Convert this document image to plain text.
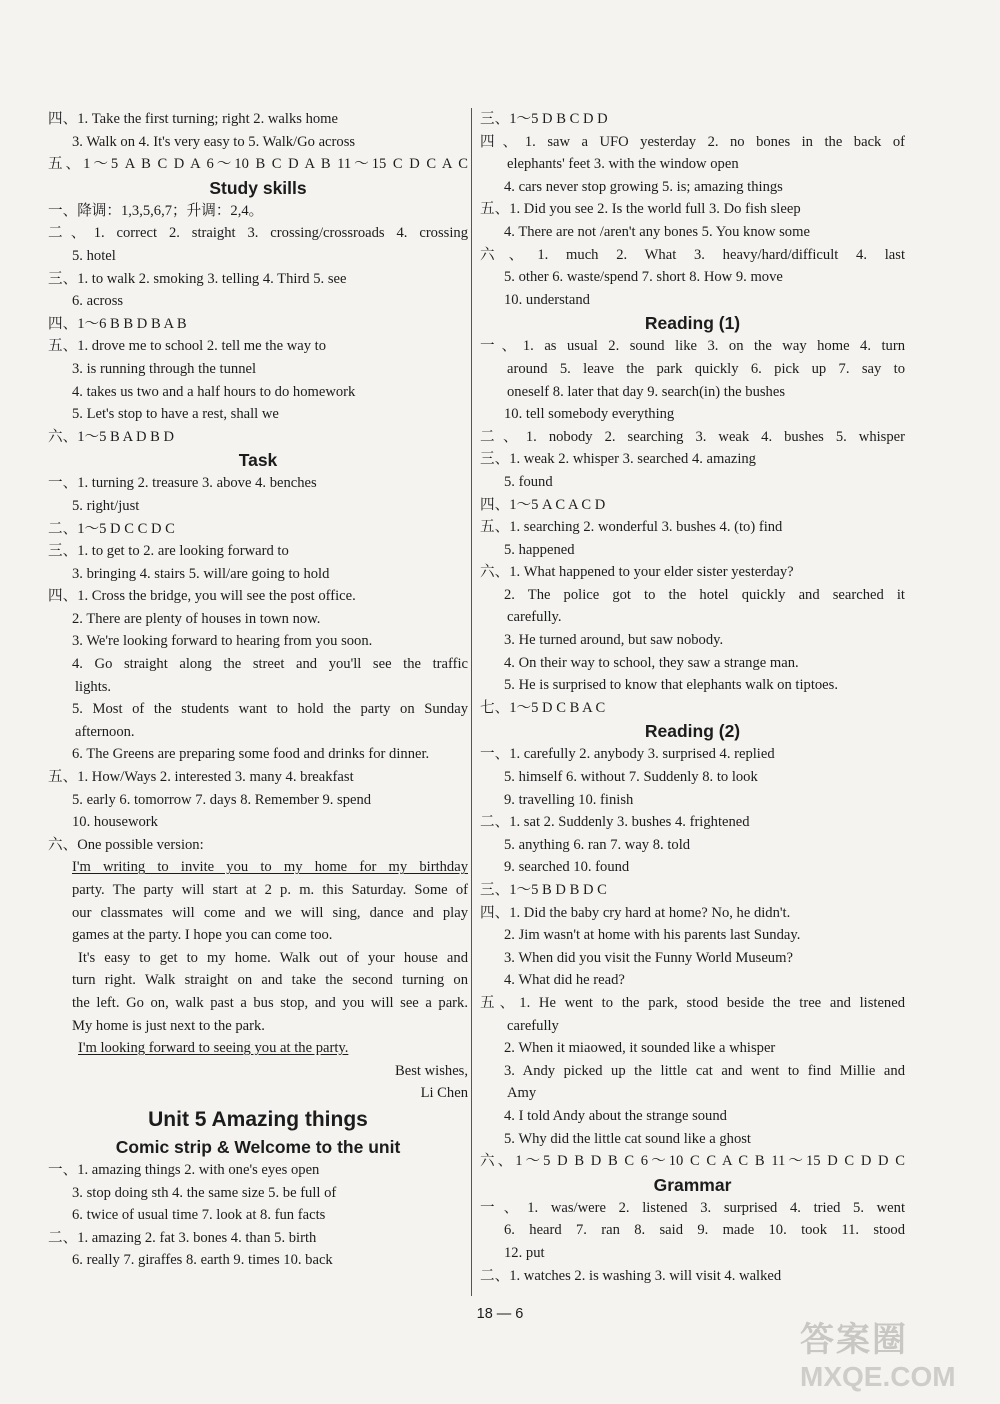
四、1. Take the first turning; right 2. walks home
3. Walk on 4. It's very easy to 5. Walk/Go across
五、1～5 A B C D A 6～10 B C D A B 11～15 C D C A C
Study skills
一、降调：1,3,5,6,7；升调：2,4。
二、1. correct 2. straight 3. crossing/crossroads 4. crossing
5. hotel
三、1. to walk 2. smoking 3. telling 4. Third 5. see
6. across
四、1～6 B B D B A B
五、1. drove me to school 2. tell me the way to
3. is running through the tunnel
4. takes us two and a half hours to do homework
5. Let's stop to have a rest, shall we
六、1～5 B A D B D
Task
一、1. turning 2. treasure 3. above 4. benches
5. right/just
二、1～5 D C C D C
三、1. to get to 2. are looking forward to
3. bringing 4. stairs 5. will/are going to hold
四、1. Cross the bridge, you will see the post office.
2. There are plenty of houses in town now.
3. We're looking forward to hearing from you soon.
4. Go straight along the street and you'll see the traffic
lights.
5. Most of the students want to hold the party on Sunday
afternoon.
6. The Greens are preparing some food and drinks for dinner.
五、1. How/Ways 2. interested 3. many 4. breakfast
5. early 6. tomorrow 7. days 8. Remember 9. spend
10. housework
六、One possible version:
I'm writing to invite you to my home for my birthday
party. The party will start at 2 p. m. this Saturday. Some of
our classmates will come and we will sing, dance and play
games at the party. I hope you can come too.
It's easy to get to my home. Walk out of your house and
turn right. Walk straight on and take the second turning on
the left. Go on, walk past a bus stop, and you will see a park.
My home is just next to the park.
I'm looking forward to seeing you at the party.
Best wishes,
Li Chen
Unit 5 Amazing things
Comic strip & Welcome to the unit
一、1. amazing things 2. with one's eyes open
3. stop doing sth 4. the same size 5. be full of
6. twice of usual time 7. look at 8. fun facts
二、1. amazing 2. fat 3. bones 4. than 5. birth
6. really 7. giraffes 8. earth 9. times 10. back
三、1～5 D B C D D
四、1. saw a UFO yesterday 2. no bones in the back of
elephants' feet 3. with the window open
4. cars never stop growing 5. is; amazing things
五、1. Did you see 2. Is the world full 3. Do fish sleep
4. There are not /aren't any bones 5. You know some
六、1. much 2. What 3. heavy/hard/difficult 4. last
5. other 6. waste/spend 7. short 8. How 9. move
10. understand
Reading (1)
一、1. as usual 2. sound like 3. on the way home 4. turn
around 5. leave the park quickly 6. pick up 7. say to
oneself 8. later that day 9. search(in) the bushes
10. tell somebody everything
二、1. nobody 2. searching 3. weak 4. bushes 5. whisper
三、1. weak 2. whisper 3. searched 4. amazing
5. found
四、1～5 A C A C D
五、1. searching 2. wonderful 3. bushes 4. (to) find
5. happened
六、1. What happened to your elder sister yesterday?
2. The police got to the hotel quickly and searched it
carefully.
3. He turned around, but saw nobody.
4. On their way to school, they saw a strange man.
5. He is surprised to know that elephants walk on tiptoes.
七、1～5 D C B A C
Reading (2)
一、1. carefully 2. anybody 3. surprised 4. replied
5. himself 6. without 7. Suddenly 8. to look
9. travelling 10. finish
二、1. sat 2. Suddenly 3. bushes 4. frightened
5. anything 6. ran 7. way 8. told
9. searched 10. found
三、1～5 B D B D C
四、1. Did the baby cry hard at home? No, he didn't.
2. Jim wasn't at home with his parents last Sunday.
3. When did you visit the Funny World Museum?
4. What did he read?
五、1. He went to the park, stood beside the tree and listened
carefully
2. When it miaowed, it sounded like a whisper
3. Andy picked up the little cat and went to find Millie and
Amy
4. I told Andy about the strange sound
5. Why did the little cat sound like a ghost
六、1～5 D B D B C 6～10 C C A C B 11～15 D C D D C
Grammar
一、1. was/were 2. listened 3. surprised 4. tried 5. went
6. heard 7. ran 8. said 9. made 10. took 11. stood
12. put
二、1. watches 2. is washing 3. will visit 4. walked
18 — 6
答案圈
MXQE.COM
